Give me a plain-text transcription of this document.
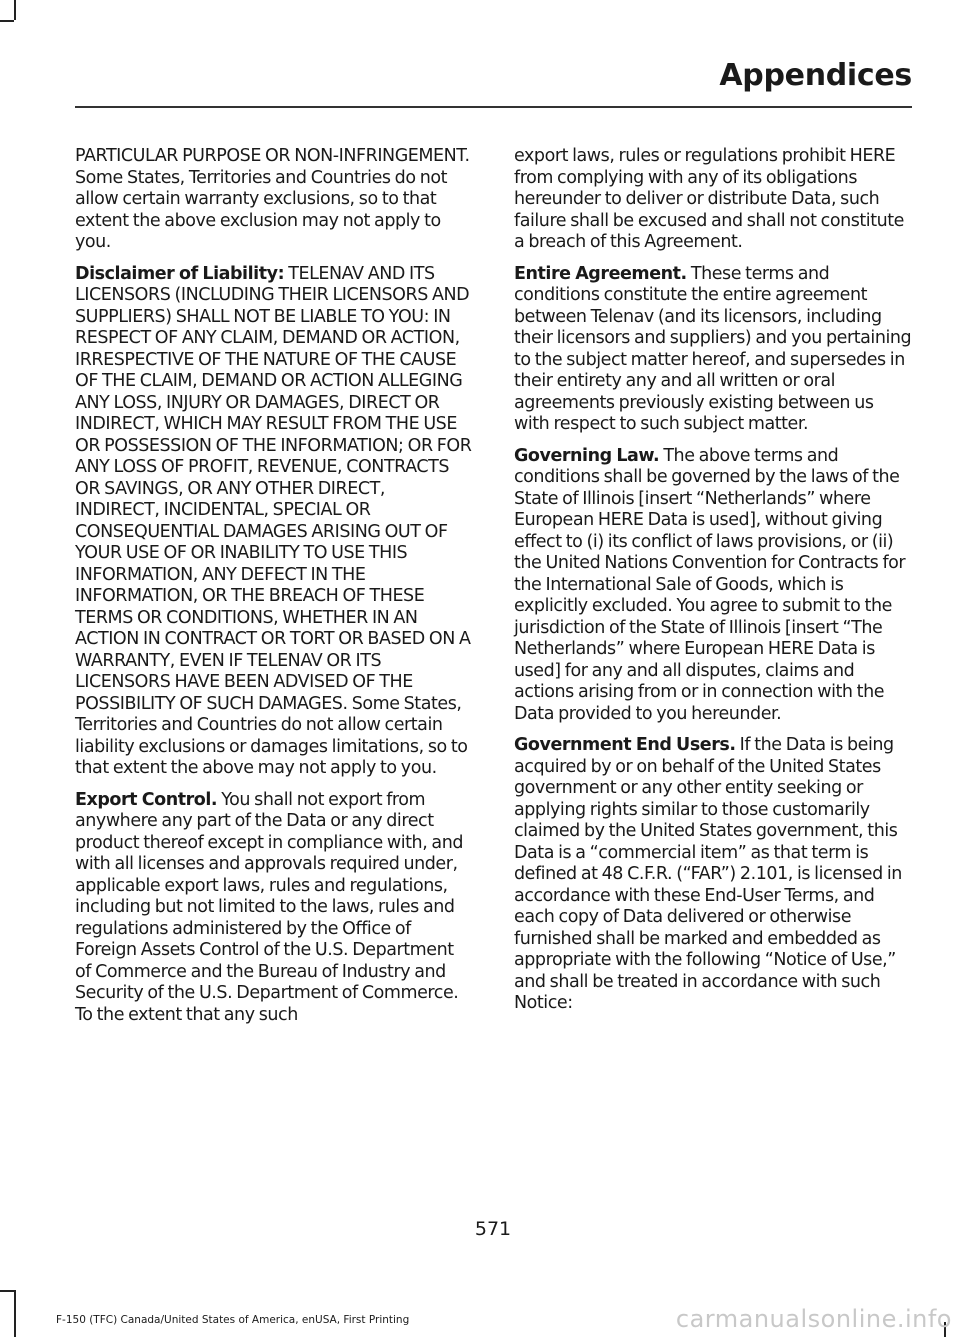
Appendices

PARTICULAR PURPOSE OR NON-INFRINGEMENT. Some States, Territories and Countries do not allow certain warranty exclusions, so to that extent the above exclusion may not apply to you.

Disclaimer of Liability: TELENAV AND ITS LICENSORS (INCLUDING THEIR LICENSORS AND SUPPLIERS) SHALL NOT BE LIABLE TO YOU: IN RESPECT OF ANY CLAIM, DEMAND OR ACTION, IRRESPECTIVE OF THE NATURE OF THE CAUSE OF THE CLAIM, DEMAND OR ACTION ALLEGING ANY LOSS, INJURY OR DAMAGES, DIRECT OR INDIRECT, WHICH MAY RESULT FROM THE USE OR POSSESSION OF THE INFORMATION; OR FOR ANY LOSS OF PROFIT, REVENUE, CONTRACTS OR SAVINGS, OR ANY OTHER DIRECT, INDIRECT, INCIDENTAL, SPECIAL OR CONSEQUENTIAL DAMAGES ARISING OUT OF YOUR USE OF OR INABILITY TO USE THIS INFORMATION, ANY DEFECT IN THE INFORMATION, OR THE BREACH OF THESE TERMS OR CONDITIONS, WHETHER IN AN ACTION IN CONTRACT OR TORT OR BASED ON A WARRANTY, EVEN IF TELENAV OR ITS LICENSORS HAVE BEEN ADVISED OF THE POSSIBILITY OF SUCH DAMAGES. Some States, Territories and Countries do not allow certain liability exclusions or damages limitations, so to that extent the above may not apply to you.

Export Control. You shall not export from anywhere any part of the Data or any direct product thereof except in compliance with, and with all licenses and approvals required under, applicable export laws, rules and regulations, including but not limited to the laws, rules and regulations administered by the Office of Foreign Assets Control of the U.S. Department of Commerce and the Bureau of Industry and Security of the U.S. Department of Commerce. To the extent that any such

export laws, rules or regulations prohibit HERE from complying with any of its obligations hereunder to deliver or distribute Data, such failure shall be excused and shall not constitute a breach of this Agreement.

Entire Agreement. These terms and conditions constitute the entire agreement between Telenav (and its licensors, including their licensors and suppliers) and you pertaining to the subject matter hereof, and supersedes in their entirety any and all written or oral agreements previously existing between us with respect to such subject matter.

Governing Law. The above terms and conditions shall be governed by the laws of the State of Illinois [insert “Netherlands” where European HERE Data is used], without giving effect to (i) its conflict of laws provisions, or (ii) the United Nations Convention for Contracts for the International Sale of Goods, which is explicitly excluded. You agree to submit to the jurisdiction of the State of Illinois [insert “The Netherlands” where European HERE Data is used] for any and all disputes, claims and actions arising from or in connection with the Data provided to you hereunder.

Government End Users. If the Data is being acquired by or on behalf of the United States government or any other entity seeking or applying rights similar to those customarily claimed by the United States government, this Data is a “commercial item” as that term is defined at 48 C.F.R. (“FAR”) 2.101, is licensed in accordance with these End-User Terms, and each copy of Data delivered or otherwise furnished shall be marked and embedded as appropriate with the following “Notice of Use,” and shall be treated in accordance with such Notice:

571
F-150 (TFC) Canada/United States of America, enUSA, First Printing	carmanualsonline.info
